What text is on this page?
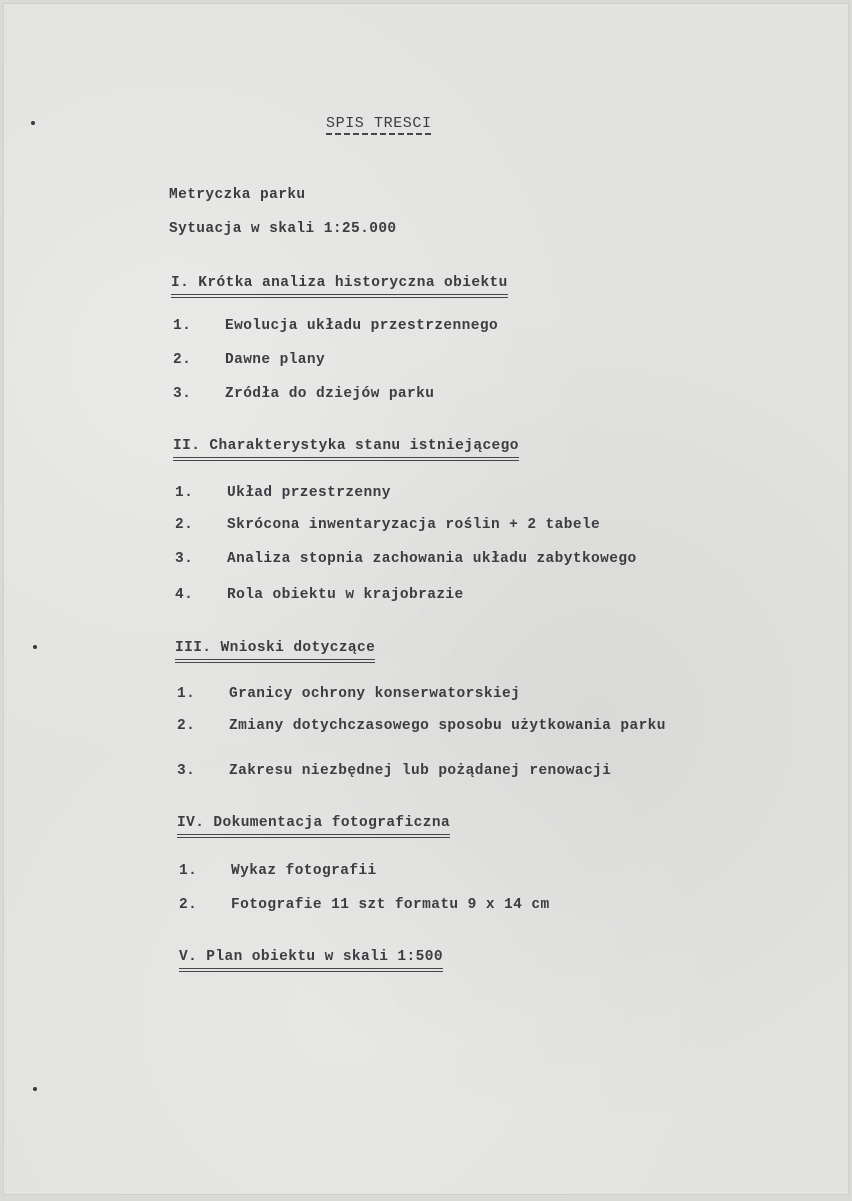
SPIS TRESCI
Metryczka parku
Sytuacja w skali 1:25.000
I. Krótka analiza historyczna obiektu
1. Ewolucja układu przestrzennego
2. Dawne plany
3. Zródła do dziejów parku
II. Charakterystyka stanu istniejącego
1. Układ przestrzenny
2. Skrócona inwentaryzacja roślin + 2 tabele
3. Analiza stopnia zachowania układu zabytkowego
4. Rola obiektu w krajobrazie
III. Wnioski dotyczące
1. Granicy ochrony konserwatorskiej
2. Zmiany dotychczasowego sposobu użytkowania parku
3. Zakresu niezbędnej lub pożądanej renowacji
IV. Dokumentacja fotograficzna
1. Wykaz fotografii
2. Fotografie 11 szt formatu 9 x 14 cm
V. Plan obiektu w skali 1:500
